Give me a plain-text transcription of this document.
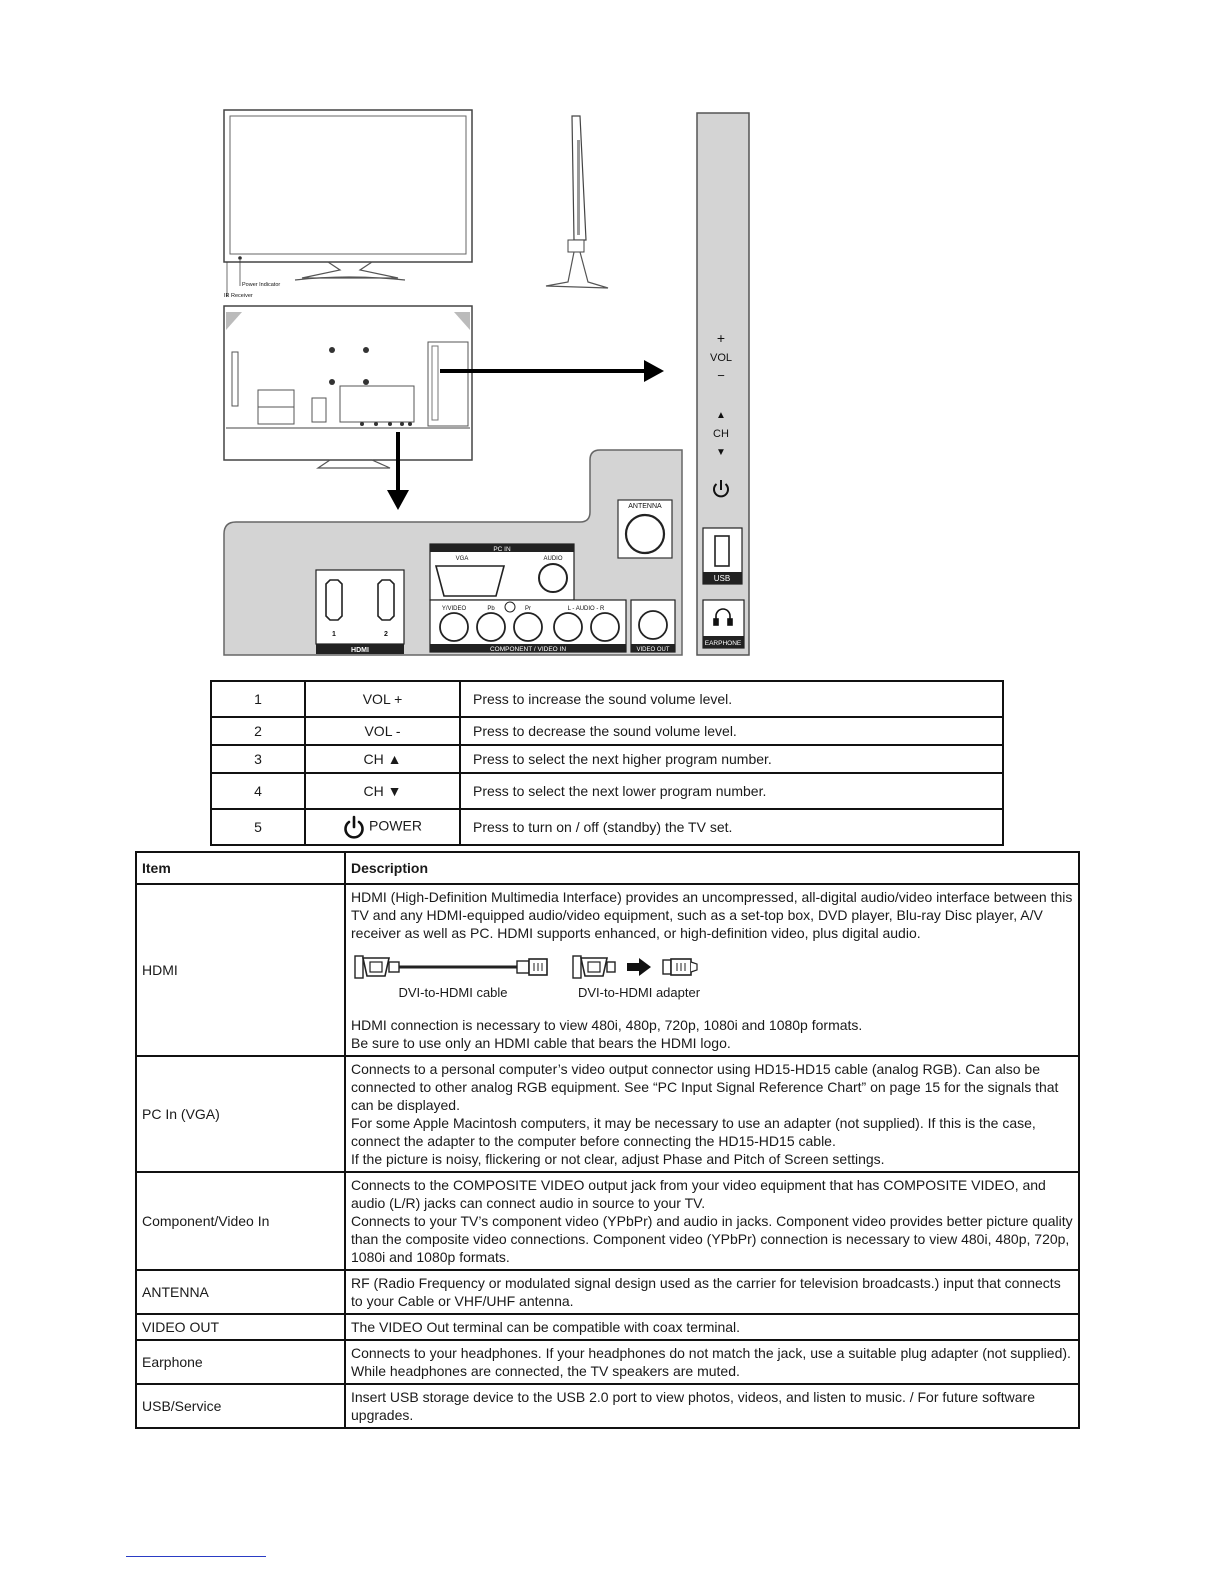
Power Indicator
IR Receiver
ANTENNA
HDMI
1	2
PC IN
VGA	AUDIO
COMPONENT / VIDEO IN
Y/VIDEO	Pb	Pr	L - AUDIO - R
VIDEO OUT
+
VOL
−
▲
CH
▼
USB
EARPHONE
1	VOL +	Press to increase the sound volume level.
2	VOL -	Press to decrease the sound volume level.
3	CH ▲	Press to select the next higher program number.
4	CH ▼	Press to select the next lower program number.
5	POWER	Press to turn on / off (standby) the TV set.
Item	Description
HDMI	HDMI (High-Definition Multimedia Interface) provides an uncompressed, all-digital audio/video interface between this TV and any HDMI-equipped audio/video equipment, such as a set-top box, DVD player, Blu-ray Disc player, A/V receiver as well as PC. HDMI supports enhanced, or high-definition video, plus digital audio.

DVI-to-HDMI cable DVI-to-HDMI adapter

HDMI connection is necessary to view 480i, 480p, 720p, 1080i and 1080p formats.

Be sure to use only an HDMI cable that bears the HDMI logo.

PC In (VGA)	Connects to a personal computer’s video output connector using HD15-HD15 cable (analog RGB). Can also be connected to other analog RGB equipment. See “PC Input Signal Reference Chart” on page 15 for the signals that can be displayed.

For some Apple Macintosh computers, it may be necessary to use an adapter (not supplied). If this is the case, connect the adapter to the computer before connecting the HD15-HD15 cable.

If the picture is noisy, flickering or not clear, adjust Phase and Pitch of Screen settings.

Component/Video In	Connects to the COMPOSITE VIDEO output jack from your video equipment that has COMPOSITE VIDEO, and audio (L/R) jacks can connect audio in source to your TV.

Connects to your TV’s component video (YPbPr) and audio in jacks. Component video provides better picture quality than the composite video connections. Component video (YPbPr) connection is necessary to view 480i, 480p, 720p, 1080i and 1080p formats.

ANTENNA	RF (Radio Frequency or modulated signal design used as the carrier for television broadcasts.) input that connects to your Cable or VHF/UHF antenna.

VIDEO OUT	The VIDEO Out terminal can be compatible with coax terminal.

Earphone	Connects to your headphones. If your headphones do not match the jack, use a suitable plug adapter (not supplied). While headphones are connected, the TV speakers are muted.

USB/Service	Insert USB storage device to the USB 2.0 port to view photos, videos, and listen to music. / For future software upgrades.
